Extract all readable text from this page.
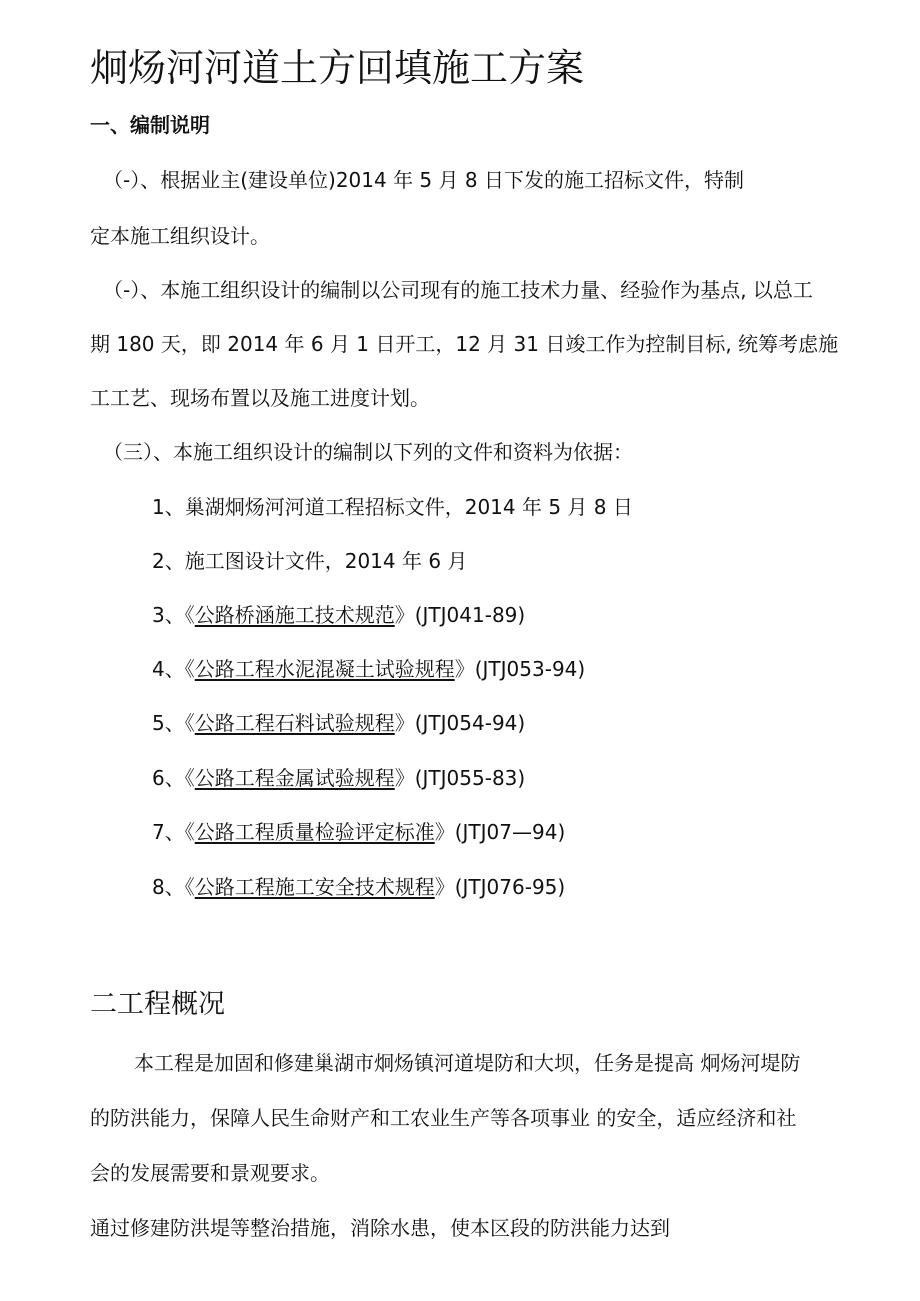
炯炀河河道土方回填施工方案
一、编制说明
（-）、根据业主(建设单位)2014 年 5 月 8 日下发的施工招标文件，特制
定本施工组织设计。
（-）、本施工组织设计的编制以公司现有的施工技术力量、经验作为基点, 以总工
期 180 天，即 2014 年 6 月 1 日开工，12 月 31 日竣工作为控制目标, 统筹考虑施
工工艺、现场布置以及施工进度计划。
（三）、本施工组织设计的编制以下列的文件和资料为依据：
1、巢湖炯炀河河道工程招标文件，2014 年 5 月 8 日
2、施工图设计文件，2014 年 6 月
3、《公路桥涵施工技术规范》(JTJ041-89)
4、《公路工程水泥混凝土试验规程》(JTJ053-94)
5、《公路工程石料试验规程》(JTJ054-94)
6、《公路工程金属试验规程》(JTJ055-83)
7、《公路工程质量检验评定标准》(JTJ07—94)
8、《公路工程施工安全技术规程》(JTJ076-95)
二工程概况
本工程是加固和修建巢湖市炯炀镇河道堤防和大坝，任务是提高 炯炀河堤防
的防洪能力，保障人民生命财产和工农业生产等各项事业 的安全，适应经济和社
会的发展需要和景观要求。
通过修建防洪堤等整治措施，消除水患，使本区段的防洪能力达到
